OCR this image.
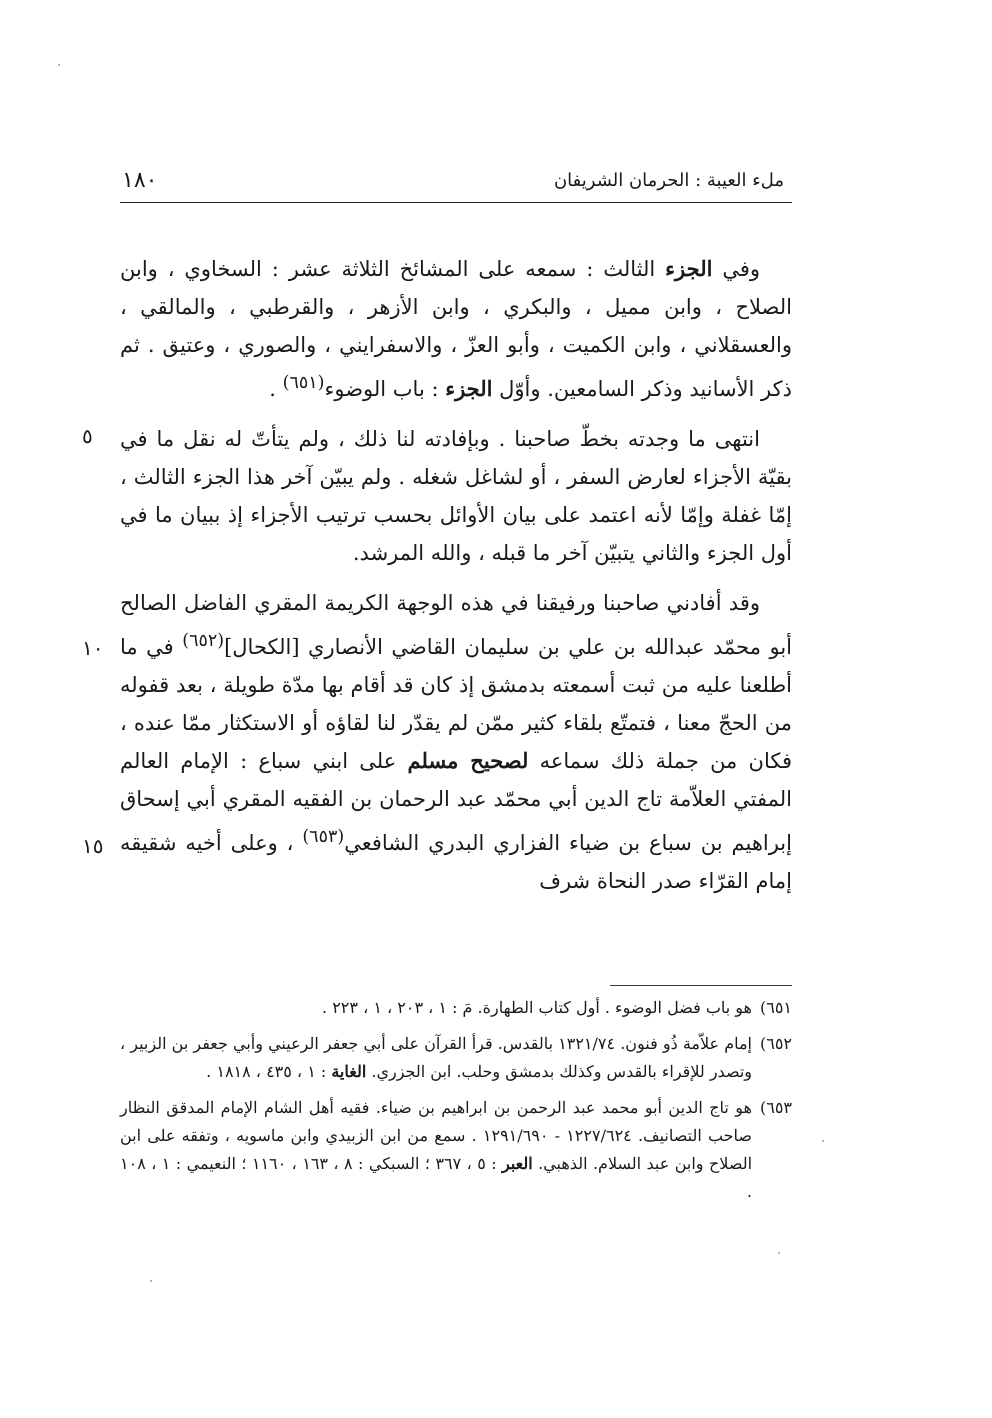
١٨٠	ملء العيبة : الحرمان الشريفان
٥
١٠
١٥

وفي الجزء الثالث : سمعه على المشائخ الثلاثة عشر : السخاوي ، وابن الصلاح ، وابن مميل ، والبكري ، وابن الأزهر ، والقرطبي ، والمالقي ، والعسقلاني ، وابن الكميت ، وأبو العزّ ، والاسفرايني ، والصوري ، وعتيق . ثم ذكر الأسانيد وذكر السامعين. وأوّل الجزء : باب الوضوء$^{(٦٥١)}$ .

انتهى ما وجدته بخطّ صاحبنا . وبإفادته لنا ذلك ، ولم يتأتّ له نقل ما في بقيّة الأجزاء لعارض السفر ، أو لشاغل شغله . ولم يبيّن آخر هذا الجزء الثالث ، إمّا غفلة وإمّا لأنه اعتمد على بيان الأوائل بحسب ترتيب الأجزاء إذ ببيان ما في أول الجزء والثاني يتبيّن آخر ما قبله ، والله المرشد.

وقد أفادني صاحبنا ورفيقنا في هذه الوجهة الكريمة المقري الفاضل الصالح أبو محمّد عبدالله بن علي بن سليمان القاضي الأنصاري [الكحال]$^{(٦٥٢)}$ في ما أطلعنا عليه من ثبت أسمعته بدمشق إذ كان قد أقام بها مدّة طويلة ، بعد قفوله من الحجّ معنا ، فتمتّع بلقاء كثير ممّن لم يقدّر لنا لقاؤه أو الاستكثار ممّا عنده ، فكان من جملة ذلك سماعه لصحيح مسلم على ابني سباع : الإمام العالم المفتي العلاّمة تاج الدين أبي محمّد عبد الرحمان بن الفقيه المقري أبي إسحاق إبراهيم بن سباع بن ضياء الفزاري البدري الشافعي$^{(٦٥٣)}$ ، وعلى أخيه شقيقه إمام القرّاء صدر النحاة شرف

٦٥١)
هو باب فضل الوضوء . أول كتاب الطهارة. مَ : ١ ، ٢٠٣ ، ١ ، ٢٢٣ .
٦٥٢)
إمام علاّمة ذُو فنون. ١٣٢١/٧٤ بالقدس. قرأ القرآن على أبي جعفر الرعيني وأبي جعفر بن الزبير ، وتصدر للإقراء بالقدس وكذلك بدمشق وحلب. ابن الجزري. الغاية : ١ ، ٤٣٥ ، ١٨١٨ .
٦٥٣)
هو تاج الدين أبو محمد عبد الرحمن بن ابراهيم بن ضياء. فقيه أهل الشام الإمام المدقق النظار صاحب التصانيف. ١٢٢٧/٦٢٤ - ١٢٩١/٦٩٠ . سمع من ابن الزبيدي وابن ماسويه ، وتفقه على ابن الصلاح وابن عبد السلام. الذهبي. العبر : ٥ ، ٣٦٧ ؛ السبكي : ٨ ، ١٦٣ ، ١١٦٠ ؛ النعيمي : ١ ، ١٠٨ .
